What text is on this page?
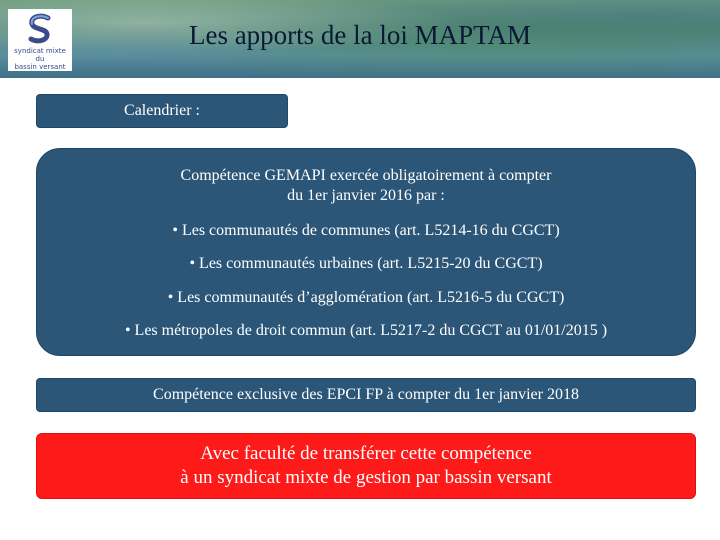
syndicat mixte du
bassin versant
Les apports de la loi MAPTAM
Calendrier :
Compétence GEMAPI exercée obligatoirement à compter
du 1er janvier 2016 par :
• Les communautés de communes (art. L5214-16 du CGCT)
• Les communautés urbaines (art. L5215-20 du CGCT)
• Les communautés d’agglomération (art. L5216-5 du CGCT)
• Les métropoles de droit commun (art. L5217-2 du CGCT au 01/01/2015 )
Compétence exclusive des EPCI FP à compter du 1er janvier 2018
Avec faculté de transférer cette compétence
à un syndicat mixte de gestion par bassin versant
